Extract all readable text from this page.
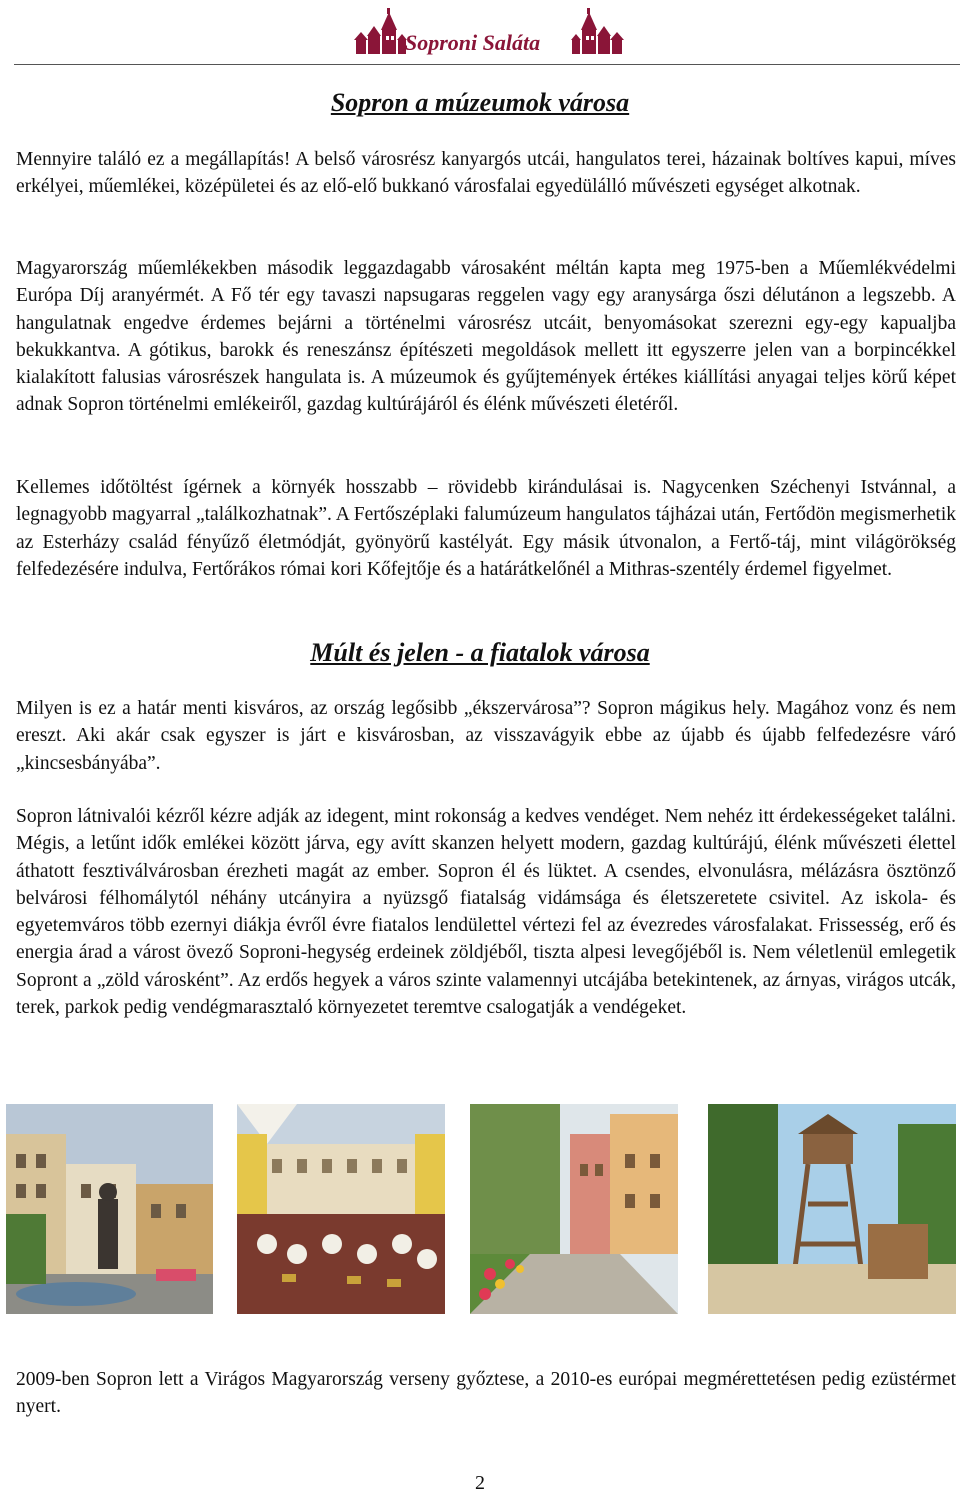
Soproni Saláta
Sopron a múzeumok városa

Mennyire találó ez a megállapítás! A belső városrész kanyargós utcái, hangulatos terei, házainak boltíves kapui, míves erkélyei, műemlékei, középületei és az elő-elő bukkanó városfalai egyedülálló művészeti egységet alkotnak.

Magyarország műemlékekben második leggazdagabb városaként méltán kapta meg 1975-ben a Műemlékvédelmi Európa Díj aranyérmét. A Fő tér egy tavaszi napsugaras reggelen vagy egy aranysárga őszi délutánon a legszebb. A hangulatnak engedve érdemes bejárni a történelmi városrész utcáit, benyomásokat szerezni egy-egy kapualjba bekukkantva. A gótikus, barokk és reneszánsz építészeti megoldások mellett itt egyszerre jelen van a borpincékkel kialakított falusias városrészek hangulata is. A múzeumok és gyűjtemények értékes kiállítási anyagai teljes körű képet adnak Sopron történelmi emlékeiről, gazdag kultúrájáról és élénk művészeti életéről.

Kellemes időtöltést ígérnek a környék hosszabb – rövidebb kirándulásai is. Nagycenken Széchenyi Istvánnal, a legnagyobb magyarral „találkozhatnak”. A Fertőszéplaki falumúzeum hangulatos tájházai után, Fertődön megismerhetik az Esterházy család fényűző életmódját, gyönyörű kastélyát. Egy másik útvonalon, a Fertő-táj, mint világörökség felfedezésére indulva, Fertőrákos római kori Kőfejtője és a határátkelőnél a Mithras-szentély érdemel figyelmet.

Múlt és jelen - a fiatalok városa

Milyen is ez a határ menti kisváros, az ország legősibb „ékszervárosa”? Sopron mágikus hely. Magához vonz és nem ereszt. Aki akár csak egyszer is járt e kisvárosban, az visszavágyik ebbe az újabb és újabb felfedezésre váró „kincsesbányába”.

Sopron látnivalói kézről kézre adják az idegent, mint rokonság a kedves vendéget. Nem nehéz itt érdekességeket találni. Mégis, a letűnt idők emlékei között járva, egy avítt skanzen helyett modern, gazdag kultúrájú, élénk művészeti élettel áthatott fesztiválvárosban érezheti magát az ember. Sopron él és lüktet. A csendes, elvonulásra, mélázásra ösztönző belvárosi félhomálytól néhány utcányira a nyüzsgő fiatalság vidámsága és életszeretete csivitel. Az iskola- és egyetemváros több ezernyi diákja évről évre fiatalos lendülettel vértezi fel az évezredes városfalakat. Frissesség, erő és energia árad a várost övező Soproni-hegység erdeinek zöldjéből, tiszta alpesi levegőjéből is. Nem véletlenül emlegetik Sopront a „zöld városként”. Az erdős hegyek a város szinte valamennyi utcájába betekintenek, az árnyas, virágos utcák, terek, parkok pedig vendégmarasztaló környezetet teremtve csalogatják a vendégeket.

2009-ben Sopron lett a Virágos Magyarország verseny győztese, a 2010-es európai megmérettetésen pedig ezüstérmet nyert.

2
